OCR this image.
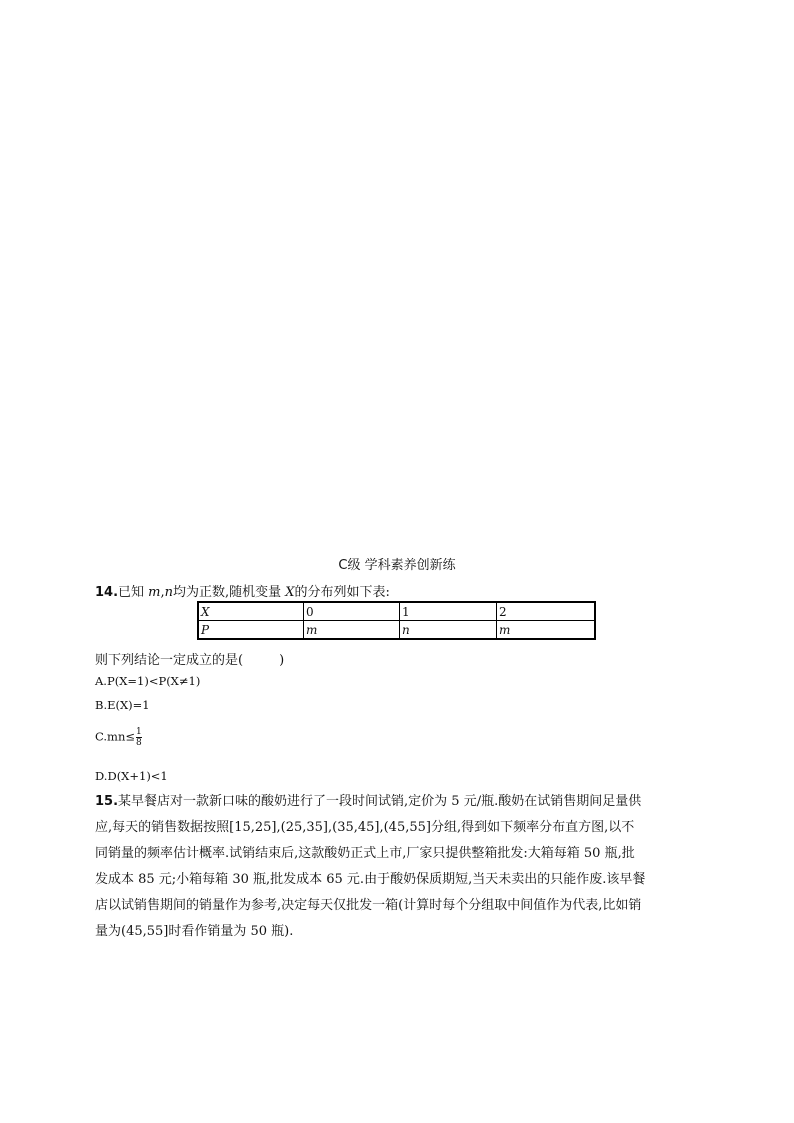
C级 学科素养创新练
14.已知 m,n均为正数,随机变量 X的分布列如下表:
X	0	1	2
P	m	n	m
则下列结论一定成立的是(	)
A.P(X=1)<P(X≠1)
B.E(X)=1
$C.mn\le \frac{1}{8}$
D.D(X+1)<1
15.某早餐店对一款新口味的酸奶进行了一段时间试销,定价为 5 元/瓶.酸奶在试销售期间足量供
应,每天的销售数据按照[15,25],(25,35],(35,45],(45,55]分组,得到如下频率分布直方图,以不
同销量的频率估计概率.试销结束后,这款酸奶正式上市,厂家只提供整箱批发:大箱每箱 50 瓶,批
发成本 85 元;小箱每箱 30 瓶,批发成本 65 元.由于酸奶保质期短,当天未卖出的只能作废.该早餐
店以试销售期间的销量作为参考,决定每天仅批发一箱(计算时每个分组取中间值作为代表,比如销
量为(45,55]时看作销量为 50 瓶).
